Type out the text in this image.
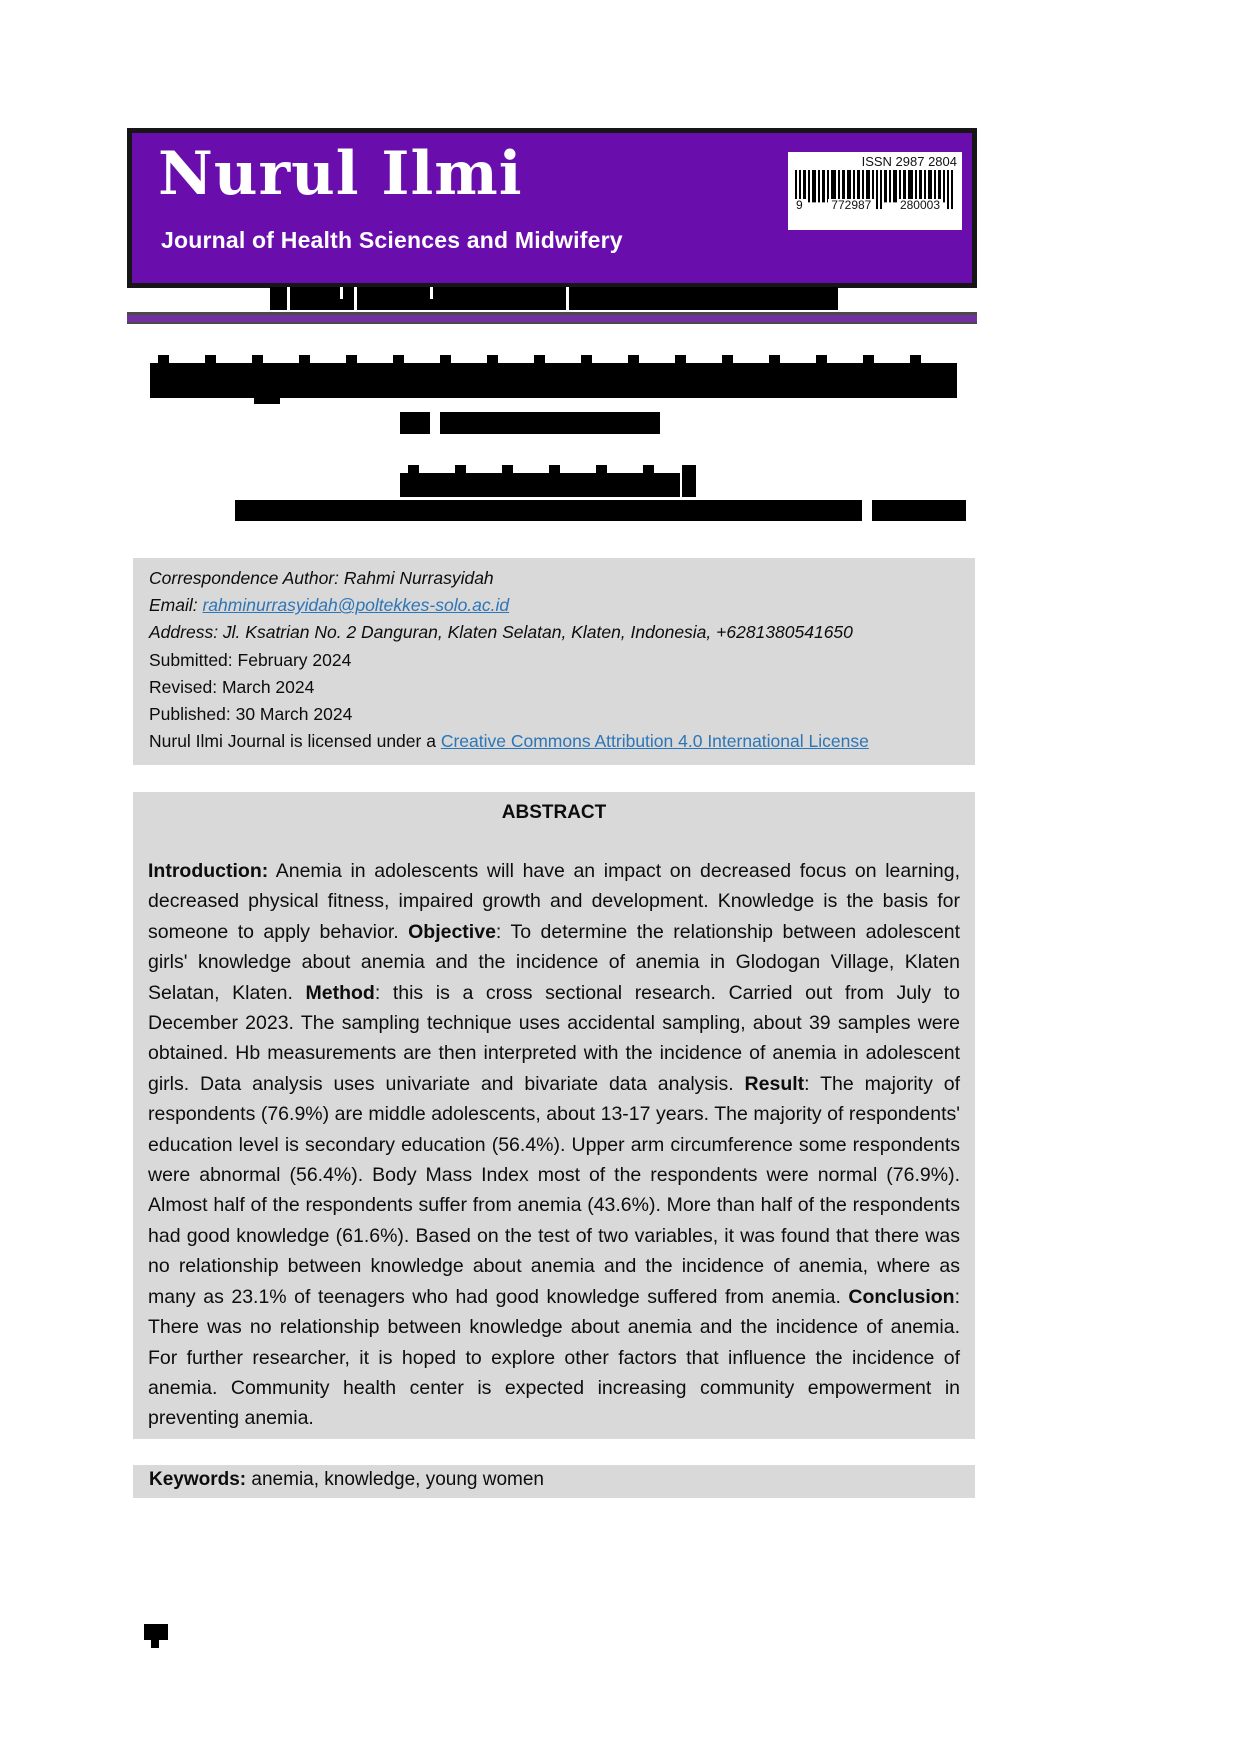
Nurul Ilmi
Journal of Health Sciences and Midwifery
ISSN 2987 2804
9 772987 280003
Correspondence Author: Rahmi Nurrasyidah
Email: rahminurrasyidah@poltekkes-solo.ac.id
Address: Jl. Ksatrian No. 2 Danguran, Klaten Selatan, Klaten, Indonesia, +6281380541650
Submitted: February 2024
Revised: March 2024
Published: 30 March 2024
Nurul Ilmi Journal is licensed under a Creative Commons Attribution 4.0 International License
ABSTRACT
Introduction: Anemia in adolescents will have an impact on decreased focus on learning, decreased physical fitness, impaired growth and development. Knowledge is the basis for someone to apply behavior. Objective: To determine the relationship between adolescent girls' knowledge about anemia and the incidence of anemia in Glodogan Village, Klaten Selatan, Klaten. Method: this is a cross sectional research. Carried out from July to December 2023. The sampling technique uses accidental sampling, about 39 samples were obtained. Hb measurements are then interpreted with the incidence of anemia in adolescent girls. Data analysis uses univariate and bivariate data analysis. Result: The majority of respondents (76.9%) are middle adolescents, about 13-17 years. The majority of respondents' education level is secondary education (56.4%). Upper arm circumference some respondents were abnormal (56.4%). Body Mass Index most of the respondents were normal (76.9%). Almost half of the respondents suffer from anemia (43.6%). More than half of the respondents had good knowledge (61.6%). Based on the test of two variables, it was found that there was no relationship between knowledge about anemia and the incidence of anemia, where as many as 23.1% of teenagers who had good knowledge suffered from anemia. Conclusion: There was no relationship between knowledge about anemia and the incidence of anemia. For further researcher, it is hoped to explore other factors that influence the incidence of anemia. Community health center is expected increasing community empowerment in preventing anemia.
Keywords: anemia, knowledge, young women
